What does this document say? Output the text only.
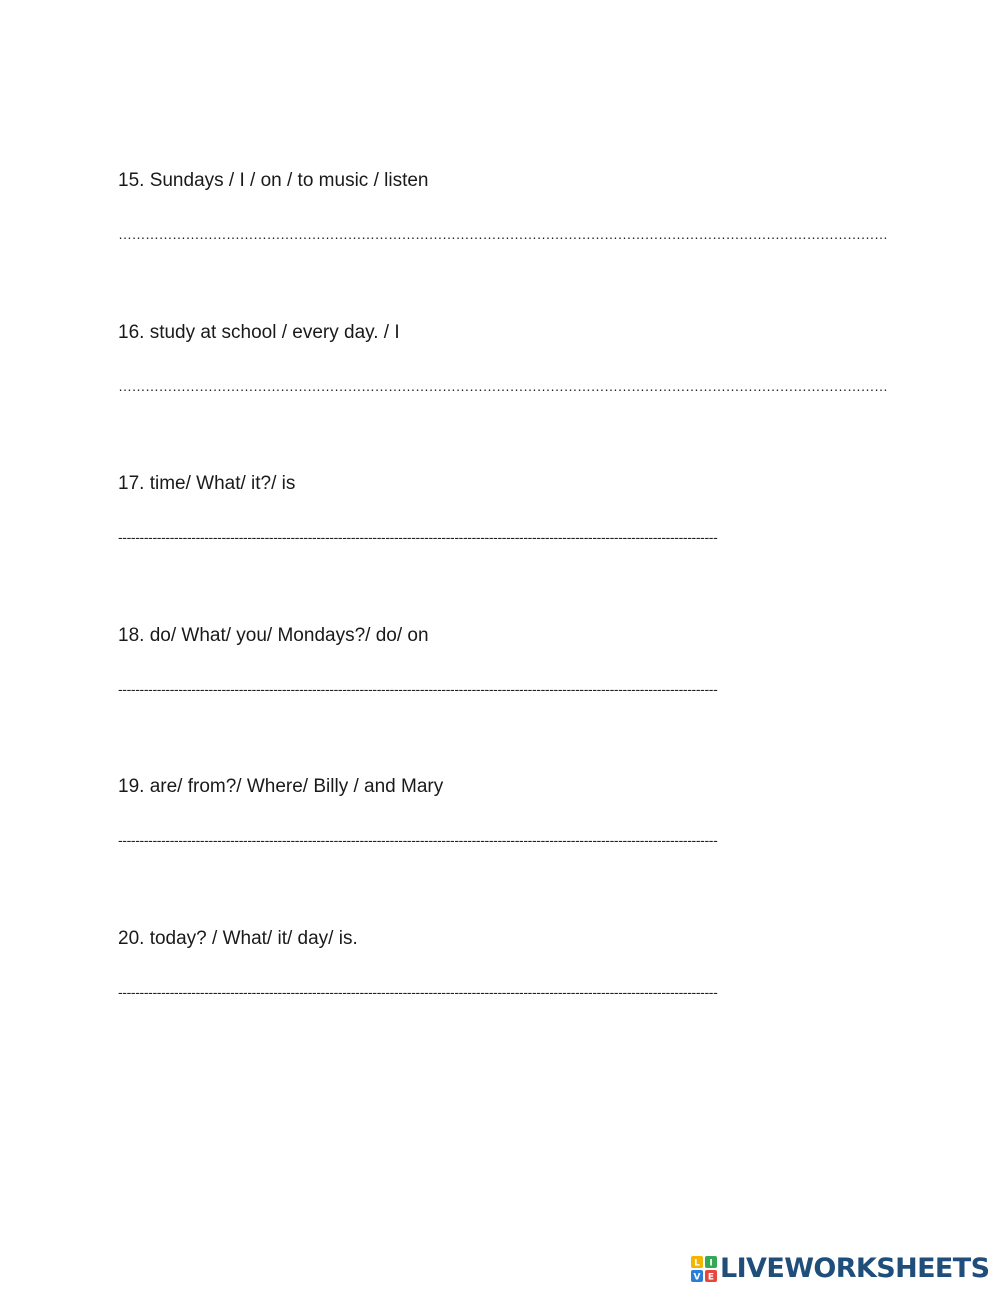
15. Sundays / I / on / to music / listen
………………………………………………………………………………………………………………………………………………………
16. study at school / every day. / I
………………………………………………………………………………………………………………………………………………………
17. time/ What/ it?/ is
-------------------------------------------------------------------------------------------------------------------------------------------
18. do/ What/ you/ Mondays?/ do/ on
-------------------------------------------------------------------------------------------------------------------------------------------
19. are/ from?/ Where/ Billy / and Mary
-------------------------------------------------------------------------------------------------------------------------------------------
20. today? / What/ it/ day/ is.
-------------------------------------------------------------------------------------------------------------------------------------------
L I
V E LIVEWORKSHEETS
